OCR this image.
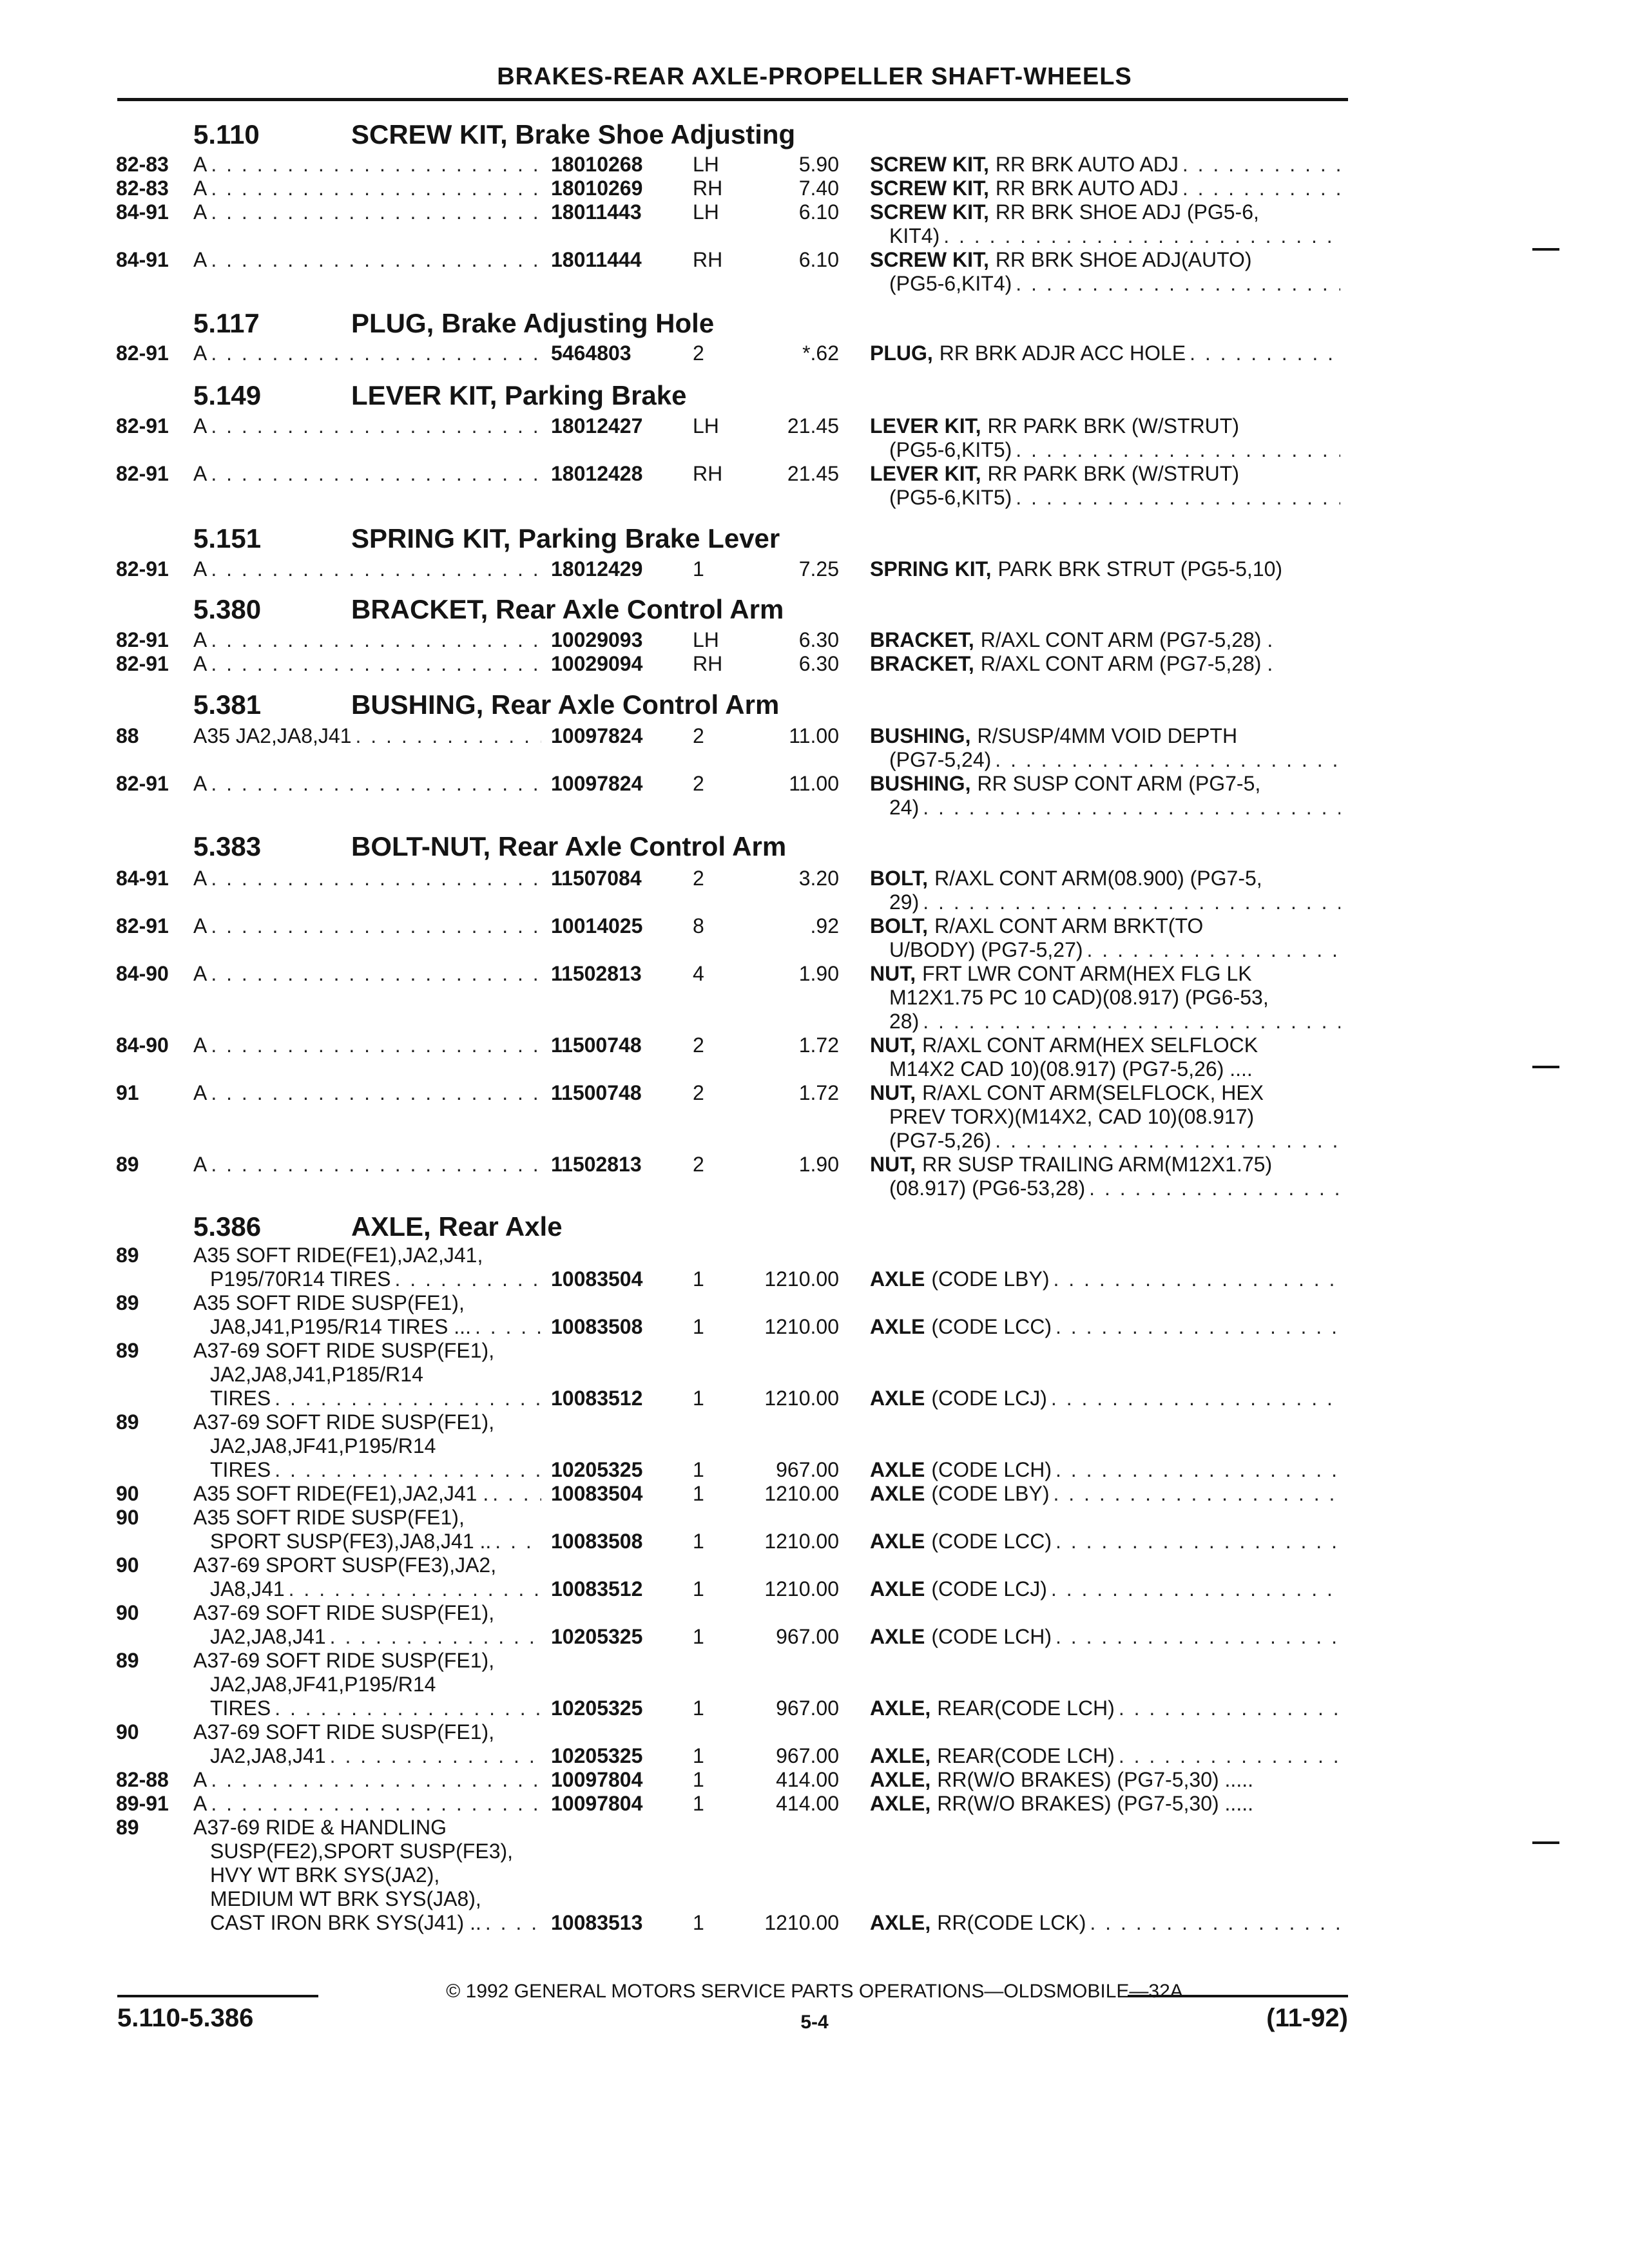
BRAKES-REAR AXLE-PROPELLER SHAFT-WHEELS
5.110	SCREW KIT, Brake Shoe Adjusting
82-83 A . . .	18010268 LH	5.90 SCREW KIT, RR BRK AUTO ADJ
. . .
82-83 A . . .	18010269 RH	7.40 SCREW KIT, RR BRK AUTO ADJ
. . .
84-91 A . . .	18011443 LH	6.10 SCREW KIT, RR BRK SHOE ADJ (PG5-6,
KIT4)
. . .
84-91 A . . .	18011444 RH	6.10 SCREW KIT, RR BRK SHOE ADJ(AUTO)
(PG5-6,KIT4)
. . .
5.117	PLUG, Brake Adjusting Hole
82-91 A . . .	5464803	2	*.62 PLUG, RR BRK ADJR ACC HOLE
. . .
5.149	LEVER KIT, Parking Brake
82-91 A . . .	18012427 LH	21.45 LEVER KIT, RR PARK BRK (W/STRUT)
(PG5-6,KIT5)
. . .
82-91 A . . .	18012428 RH	21.45 LEVER KIT, RR PARK BRK (W/STRUT)
(PG5-6,KIT5)
. . .
5.151	SPRING KIT, Parking Brake Lever
82-91 A . . .	18012429 1	7.25 SPRING KIT, PARK BRK STRUT (PG5-5,10)
5.380	BRACKET, Rear Axle Control Arm
82-91 A . . .	10029093 LH	6.30 BRACKET, R/AXL CONT ARM (PG7-5,28) .
82-91 A . . .	10029094 RH	6.30 BRACKET, R/AXL CONT ARM (PG7-5,28) .
5.381	BUSHING, Rear Axle Control Arm
88	A35 JA2,JA8,J41 . . .	10097824 2	11.00 BUSHING, R/SUSP/4MM VOID DEPTH
(PG7-5,24)
. . .
82-91 A . . .	10097824 2	11.00 BUSHING, RR SUSP CONT ARM (PG7-5,
24)
. . .
5.383	BOLT-NUT, Rear Axle Control Arm
84-91 A . . .	11507084 2	3.20 BOLT, R/AXL CONT ARM(08.900) (PG7-5,
29)
. . .
82-91 A . . .	10014025 8	.92 BOLT, R/AXL CONT ARM BRKT(TO
U/BODY) (PG7-5,27)
. . .
84-90 A . . .	11502813 4	1.90 NUT, FRT LWR CONT ARM(HEX FLG LK
M12X1.75 PC 10 CAD)(08.917) (PG6-53,
28)
. . .
84-90 A . . .	11500748 2	1.72 NUT, R/AXL CONT ARM(HEX SELFLOCK
M14X2 CAD 10)(08.917) (PG7-5,26) ....
91	A . . .	11500748 2	1.72 NUT, R/AXL CONT ARM(SELFLOCK, HEX
PREV TORX)(M14X2, CAD 10)(08.917)
(PG7-5,26)
. . .
89	A . . .	11502813 2	1.90 NUT, RR SUSP TRAILING ARM(M12X1.75)
(08.917) (PG6-53,28)
. . .
5.386	AXLE, Rear Axle
89	A35 SOFT RIDE(FE1),JA2,J41,
P195/70R14 TIRES . . .	10083504 1	1210.00 AXLE (CODE LBY)
. . .
89	A35 SOFT RIDE SUSP(FE1),
JA8,J41,P195/R14 TIRES ... . . .	10083508 1	1210.00 AXLE (CODE LCC)
. . .
89	A37-69 SOFT RIDE SUSP(FE1),
JA2,JA8,J41,P185/R14
TIRES . . .	10083512 1	1210.00 AXLE (CODE LCJ)
. . .
89	A37-69 SOFT RIDE SUSP(FE1),
JA2,JA8,JF41,P195/R14
TIRES . . .	10205325 1	967.00 AXLE (CODE LCH)
. . .
90	A35 SOFT RIDE(FE1),JA2,J41 . . . .	10083504 1	1210.00 AXLE (CODE LBY)
. . .
90	A35 SOFT RIDE SUSP(FE1),
SPORT SUSP(FE3),JA8,J41 .. . . .	10083508 1	1210.00 AXLE (CODE LCC)
. . .
90	A37-69 SPORT SUSP(FE3),JA2,
JA8,J41 . . .	10083512 1	1210.00 AXLE (CODE LCJ)
. . .
90	A37-69 SOFT RIDE SUSP(FE1),
JA2,JA8,J41 . . .	10205325 1	967.00 AXLE (CODE LCH)
. . .
89	A37-69 SOFT RIDE SUSP(FE1),
JA2,JA8,JF41,P195/R14
TIRES . . .	10205325 1	967.00 AXLE, REAR(CODE LCH)
. . .
90	A37-69 SOFT RIDE SUSP(FE1),
JA2,JA8,J41 . . .	10205325 1	967.00 AXLE, REAR(CODE LCH)
. . .
82-88 A . . .	10097804 1	414.00 AXLE, RR(W/O BRAKES) (PG7-5,30) .....
89-91 A . . .	10097804 1	414.00 AXLE, RR(W/O BRAKES) (PG7-5,30) .....
89	A37-69 RIDE & HANDLING
SUSP(FE2),SPORT SUSP(FE3),
HVY WT BRK SYS(JA2),
MEDIUM WT BRK SYS(JA8),
CAST IRON BRK SYS(J41) .. . . .	10083513 1	1210.00 AXLE, RR(CODE LCK)
. . .
© 1992 GENERAL MOTORS SERVICE PARTS OPERATIONS—OLDSMOBILE—32A
5.110-5.386	5-4	(11-92)
